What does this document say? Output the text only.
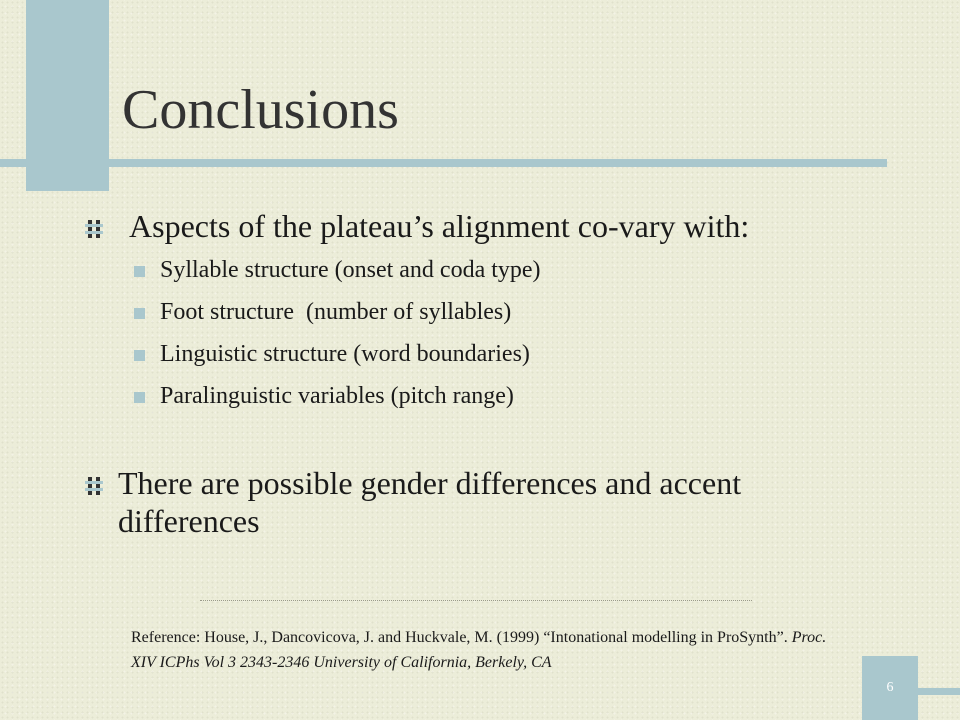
Conclusions
Aspects of the plateau’s alignment co-vary with:
Syllable structure (onset and coda type)
Foot structure  (number of syllables)
Linguistic structure (word boundaries)
Paralinguistic variables (pitch range)
There are possible gender differences and accent differences
Reference: House, J., Dancovicova, J. and Huckvale, M. (1999) “Intonational modelling in ProSynth”. Proc. XIV ICPhs Vol 3 2343-2346 University of California, Berkely, CA
6
